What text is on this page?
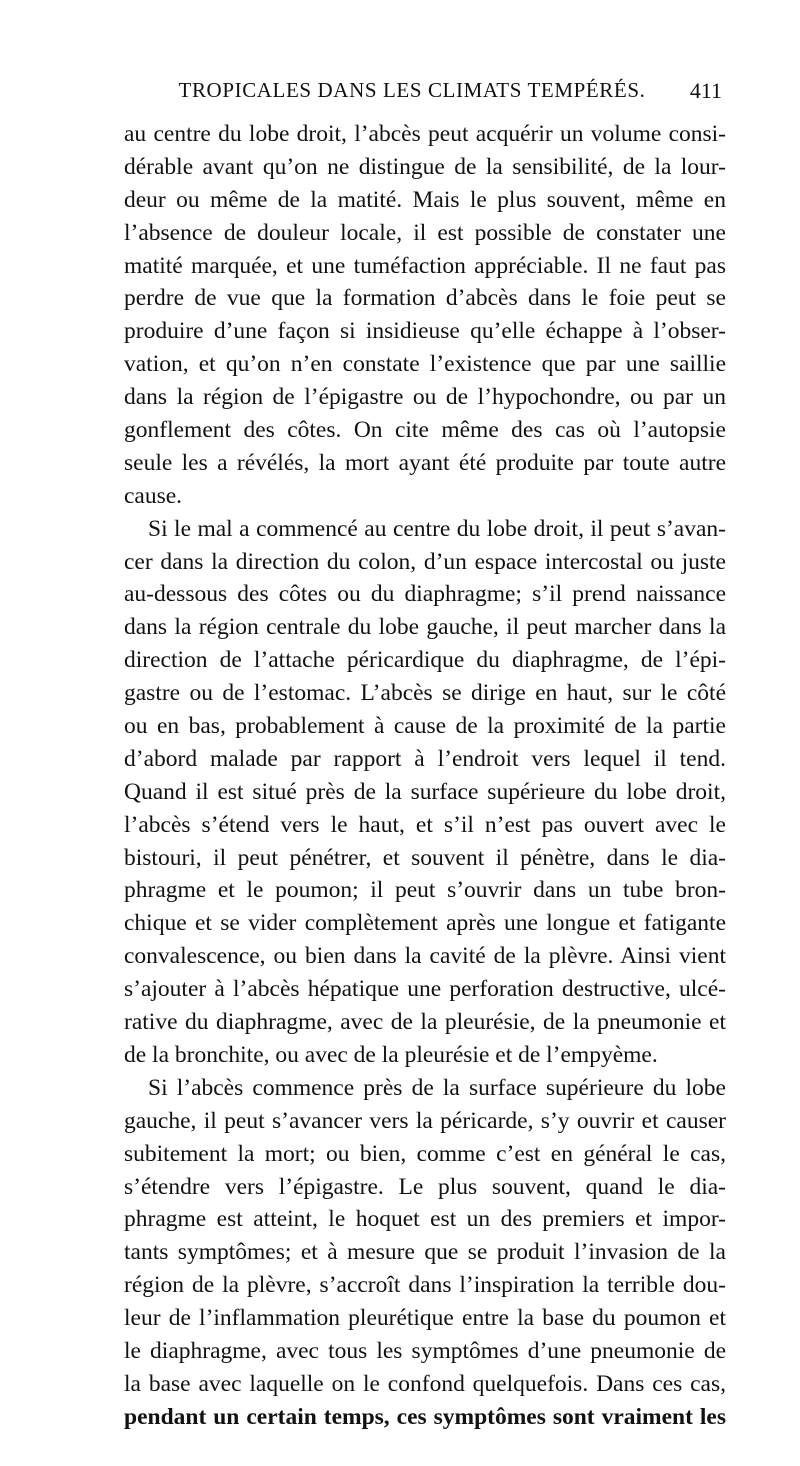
TROPICALES DANS LES CLIMATS TEMPÉRÉS.	411
au centre du lobe droit, l’abcès peut acquérir un volume consi-
dérable avant qu’on ne distingue de la sensibilité, de la lour-
deur ou même de la matité. Mais le plus souvent, même en
l’absence de douleur locale, il est possible de constater une
matité marquée, et une tuméfaction appréciable. Il ne faut pas
perdre de vue que la formation d’abcès dans le foie peut se
produire d’une façon si insidieuse qu’elle échappe à l’obser-
vation, et qu’on n’en constate l’existence que par une saillie
dans la région de l’épigastre ou de l’hypochondre, ou par un
gonflement des côtes. On cite même des cas où l’autopsie
seule les a révélés, la mort ayant été produite par toute autre
cause.
Si le mal a commencé au centre du lobe droit, il peut s’avan-
cer dans la direction du colon, d’un espace intercostal ou juste
au-dessous des côtes ou du diaphragme; s’il prend naissance
dans la région centrale du lobe gauche, il peut marcher dans la
direction de l’attache péricardique du diaphragme, de l’épi-
gastre ou de l’estomac. L’abcès se dirige en haut, sur le côté
ou en bas, probablement à cause de la proximité de la partie
d’abord malade par rapport à l’endroit vers lequel il tend.
Quand il est situé près de la surface supérieure du lobe droit,
l’abcès s’étend vers le haut, et s’il n’est pas ouvert avec le
bistouri, il peut pénétrer, et souvent il pénètre, dans le dia-
phragme et le poumon; il peut s’ouvrir dans un tube bron-
chique et se vider complètement après une longue et fatigante
convalescence, ou bien dans la cavité de la plèvre. Ainsi vient
s’ajouter à l’abcès hépatique une perforation destructive, ulcé-
rative du diaphragme, avec de la pleurésie, de la pneumonie et
de la bronchite, ou avec de la pleurésie et de l’empyème.
Si l’abcès commence près de la surface supérieure du lobe
gauche, il peut s’avancer vers la péricarde, s’y ouvrir et causer
subitement la mort; ou bien, comme c’est en général le cas,
s’étendre vers l’épigastre. Le plus souvent, quand le dia-
phragme est atteint, le hoquet est un des premiers et impor-
tants symptômes; et à mesure que se produit l’invasion de la
région de la plèvre, s’accroît dans l’inspiration la terrible dou-
leur de l’inflammation pleurétique entre la base du poumon et
le diaphragme, avec tous les symptômes d’une pneumonie de
la base avec laquelle on le confond quelquefois. Dans ces cas,
pendant un certain temps, ces symptômes sont vraiment les
